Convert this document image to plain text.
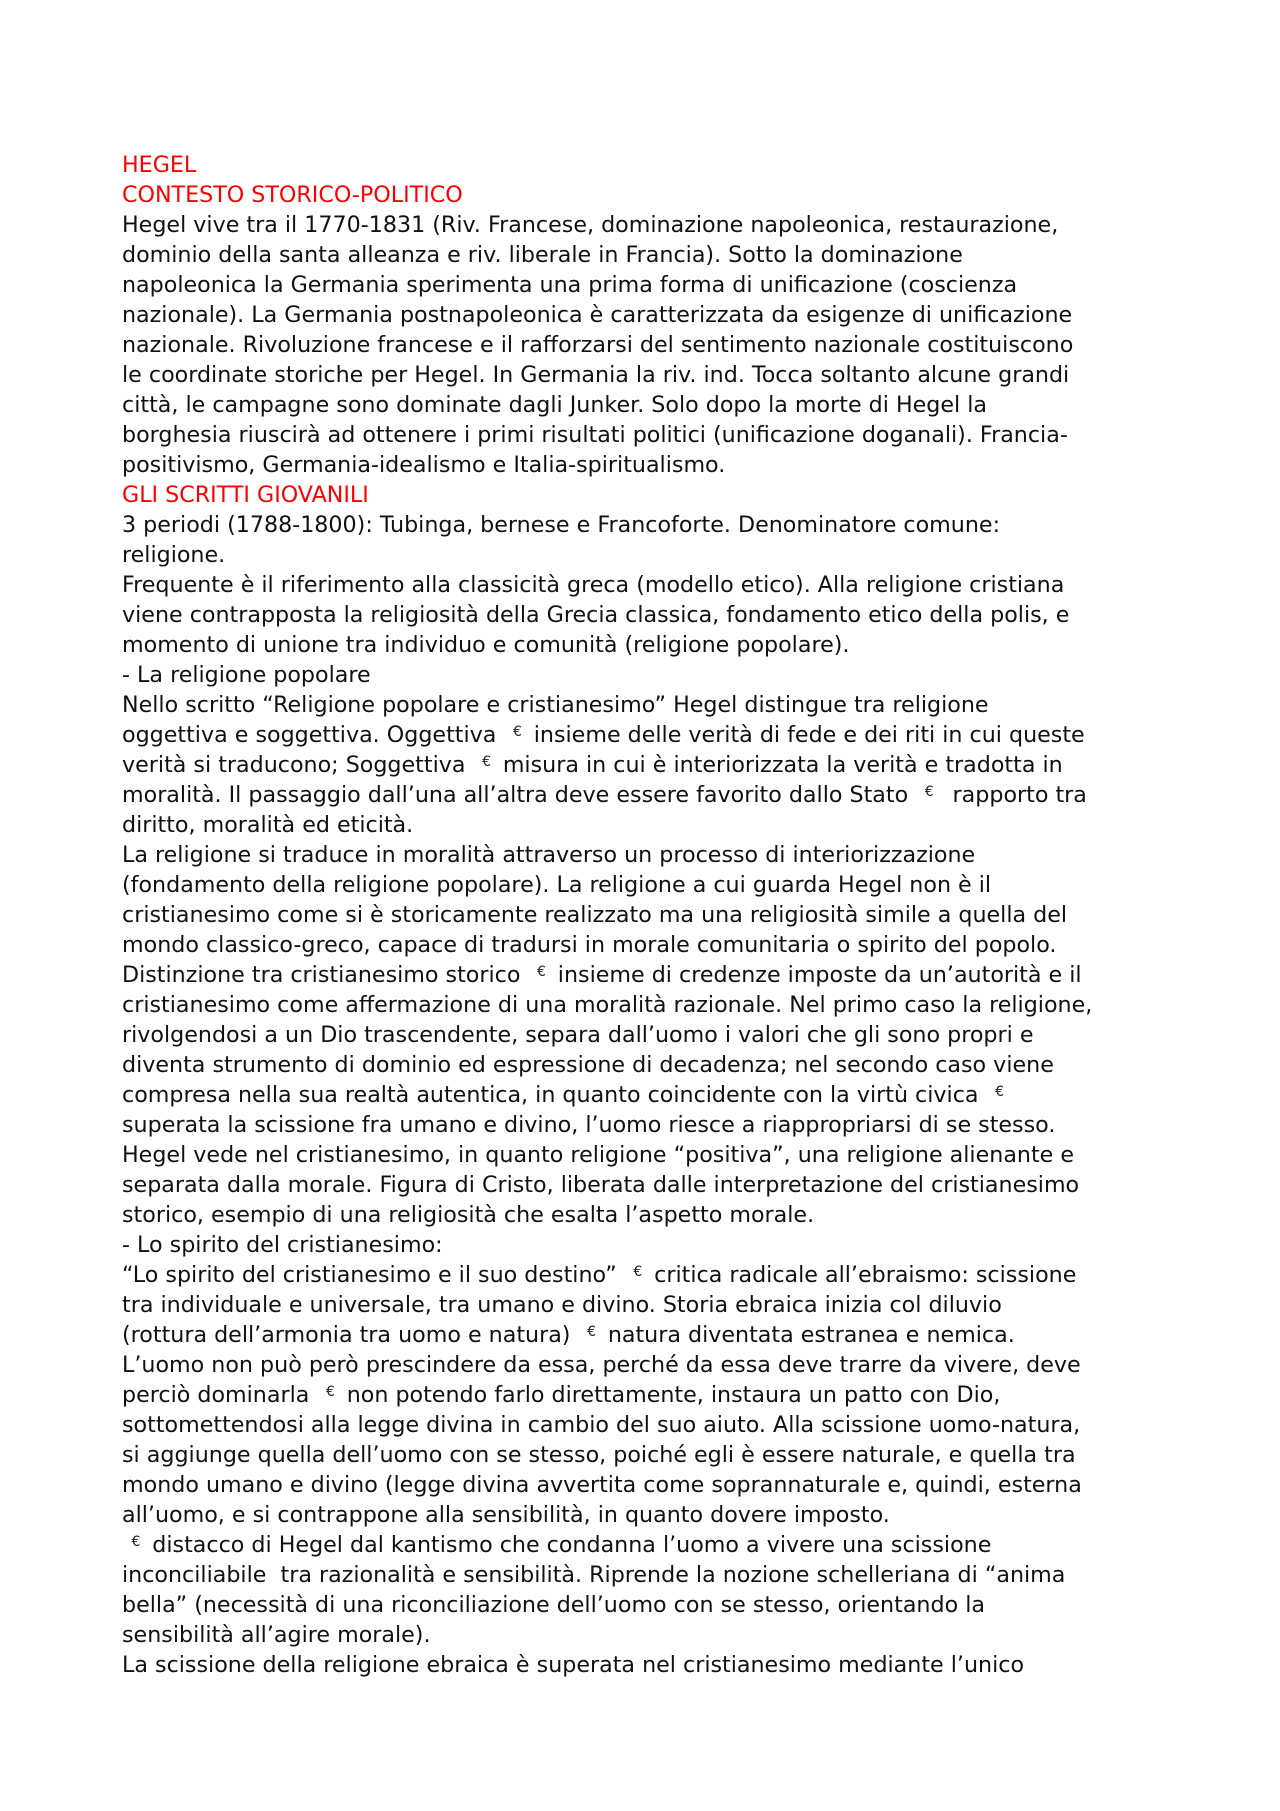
HEGEL
CONTESTO STORICO-POLITICO
Hegel vive tra il 1770-1831 (Riv. Francese, dominazione napoleonica, restaurazione,
dominio della santa alleanza e riv. liberale in Francia). Sotto la dominazione
napoleonica la Germania sperimenta una prima forma di unificazione (coscienza
nazionale). La Germania postnapoleonica è caratterizzata da esigenze di unificazione
nazionale. Rivoluzione francese e il rafforzarsi del sentimento nazionale costituiscono
le coordinate storiche per Hegel. In Germania la riv. ind. Tocca soltanto alcune grandi
città, le campagne sono dominate dagli Junker. Solo dopo la morte di Hegel la
borghesia riuscirà ad ottenere i primi risultati politici (unificazione doganali). Francia-
positivismo, Germania-idealismo e Italia-spiritualismo.
GLI SCRITTI GIOVANILI
3 periodi (1788-1800): Tubinga, bernese e Francoforte. Denominatore comune:
religione.
Frequente è il riferimento alla classicità greca (modello etico). Alla religione cristiana
viene contrapposta la religiosità della Grecia classica, fondamento etico della polis, e
momento di unione tra individuo e comunità (religione popolare).
- La religione popolare
Nello scritto “Religione popolare e cristianesimo” Hegel distingue tra religione
oggettiva e soggettiva. Oggettiva   €  insieme delle verità di fede e dei riti in cui queste
verità si traducono; Soggettiva   €  misura in cui è interiorizzata la verità e tradotta in
moralità. Il passaggio dall’una all’altra deve essere favorito dallo Stato   €   rapporto tra
diritto, moralità ed eticità.
La religione si traduce in moralità attraverso un processo di interiorizzazione
(fondamento della religione popolare). La religione a cui guarda Hegel non è il
cristianesimo come si è storicamente realizzato ma una religiosità simile a quella del
mondo classico-greco, capace di tradursi in morale comunitaria o spirito del popolo.
Distinzione tra cristianesimo storico   €  insieme di credenze imposte da un’autorità e il
cristianesimo come affermazione di una moralità razionale. Nel primo caso la religione,
rivolgendosi a un Dio trascendente, separa dall’uomo i valori che gli sono propri e
diventa strumento di dominio ed espressione di decadenza; nel secondo caso viene
compresa nella sua realtà autentica, in quanto coincidente con la virtù civica   €
superata la scissione fra umano e divino, l’uomo riesce a riappropriarsi di se stesso.
Hegel vede nel cristianesimo, in quanto religione “positiva”, una religione alienante e
separata dalla morale. Figura di Cristo, liberata dalle interpretazione del cristianesimo
storico, esempio di una religiosità che esalta l’aspetto morale.
- Lo spirito del cristianesimo:
“Lo spirito del cristianesimo e il suo destino”   €  critica radicale all’ebraismo: scissione
tra individuale e universale, tra umano e divino. Storia ebraica inizia col diluvio
(rottura dell’armonia tra uomo e natura)   €  natura diventata estranea e nemica.
L’uomo non può però prescindere da essa, perché da essa deve trarre da vivere, deve
perciò dominarla   €  non potendo farlo direttamente, instaura un patto con Dio,
sottomettendosi alla legge divina in cambio del suo aiuto. Alla scissione uomo-natura,
si aggiunge quella dell’uomo con se stesso, poiché egli è essere naturale, e quella tra
mondo umano e divino (legge divina avvertita come soprannaturale e, quindi, esterna
all’uomo, e si contrappone alla sensibilità, in quanto dovere imposto.
€  distacco di Hegel dal kantismo che condanna l’uomo a vivere una scissione
inconciliabile  tra razionalità e sensibilità. Riprende la nozione schelleriana di “anima
bella” (necessità di una riconciliazione dell’uomo con se stesso, orientando la
sensibilità all’agire morale).
La scissione della religione ebraica è superata nel cristianesimo mediante l’unico
